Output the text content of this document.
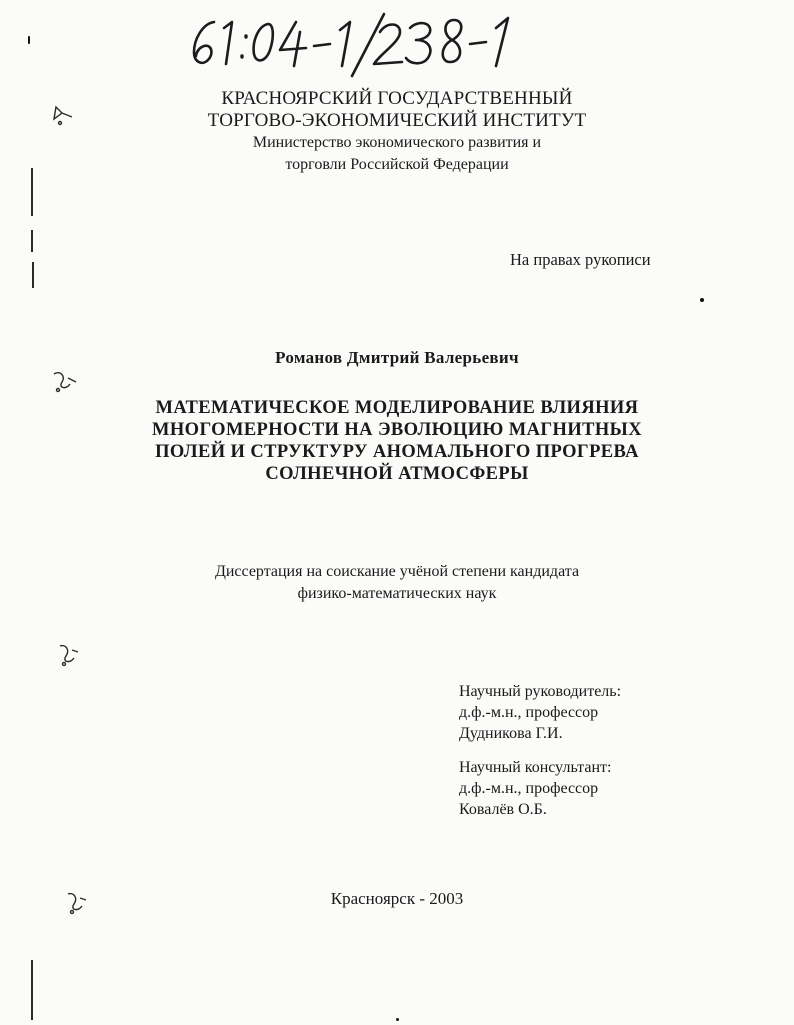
61:04-1/238-1
КРАСНОЯРСКИЙ ГОСУДАРСТВЕННЫЙ
ТОРГОВО-ЭКОНОМИЧЕСКИЙ ИНСТИТУТ
Министерство экономического развития и
торговли Российской Федерации
На правах рукописи
Романов Дмитрий Валерьевич
МАТЕМАТИЧЕСКОЕ МОДЕЛИРОВАНИЕ ВЛИЯНИЯ
МНОГОМЕРНОСТИ НА ЭВОЛЮЦИЮ МАГНИТНЫХ
ПОЛЕЙ И СТРУКТУРУ АНОМАЛЬНОГО ПРОГРЕВА
СОЛНЕЧНОЙ АТМОСФЕРЫ
Диссертация на соискание учёной степени кандидата
физико-математических наук
Научный руководитель:
д.ф.-м.н., профессор
Дудникова Г.И.
Научный консультант:
д.ф.-м.н., профессор
Ковалёв О.Б.
Красноярск - 2003
